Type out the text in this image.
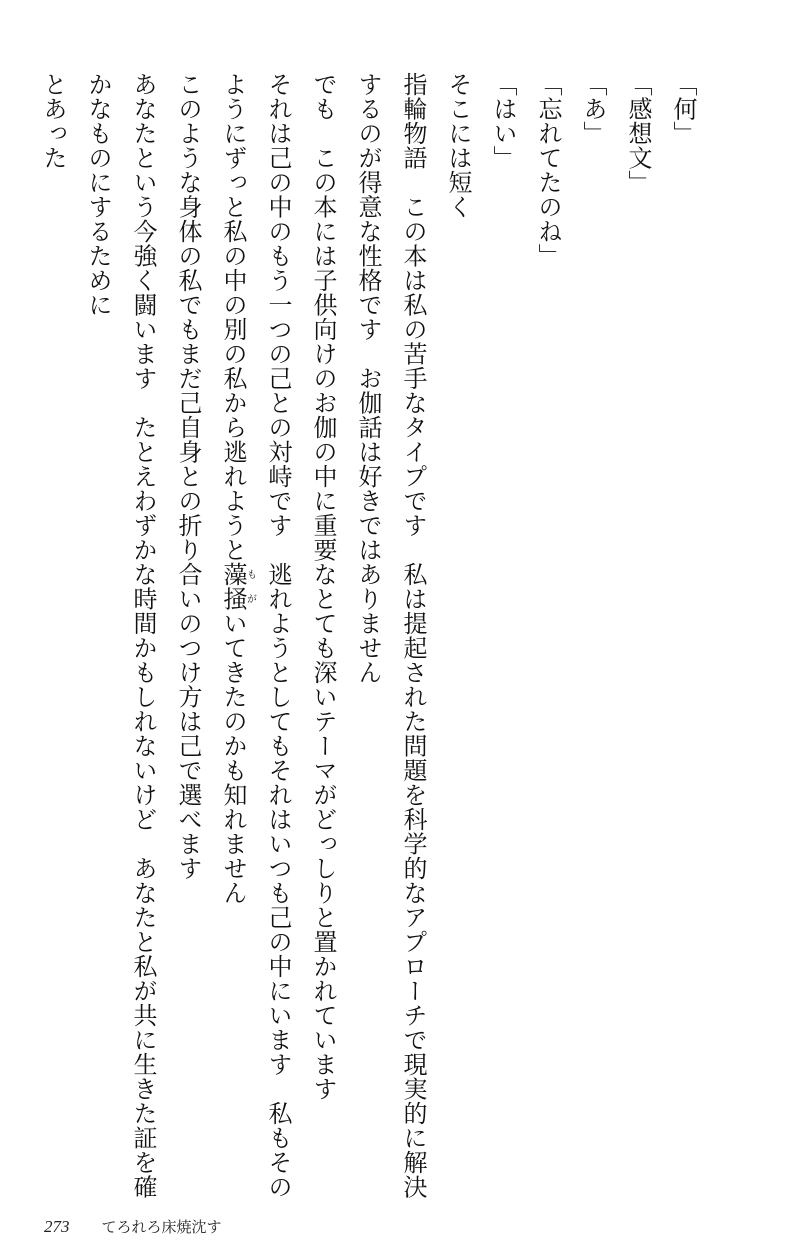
「何」
「感想文」
「あ」
「忘れてたのね」
「はい」
そこには短く
指輪物語　この本は私の苦手なタイプです　私は提起された問題を科学的なアプローチで現実的に解決
するのが得意な性格です　お伽話は好きではありません
でも　この本には子供向けのお伽の中に重要なとても深いテーマがどっしりと置かれています
それは己の中のもう一つの己との対峙です　逃れようとしてもそれはいつも己の中にいます　私もその
ようにずっと私の中の別の私から逃れようと藻掻もがいてきたのかも知れません
このような身体の私でもまだ己自身との折り合いのつけ方は己で選べます
あなたという今強く闘います　たとえわずかな時間かもしれないけど　あなたと私が共に生きた証を確
かなものにするために
とあった
273 てろれろ床焼沈す
